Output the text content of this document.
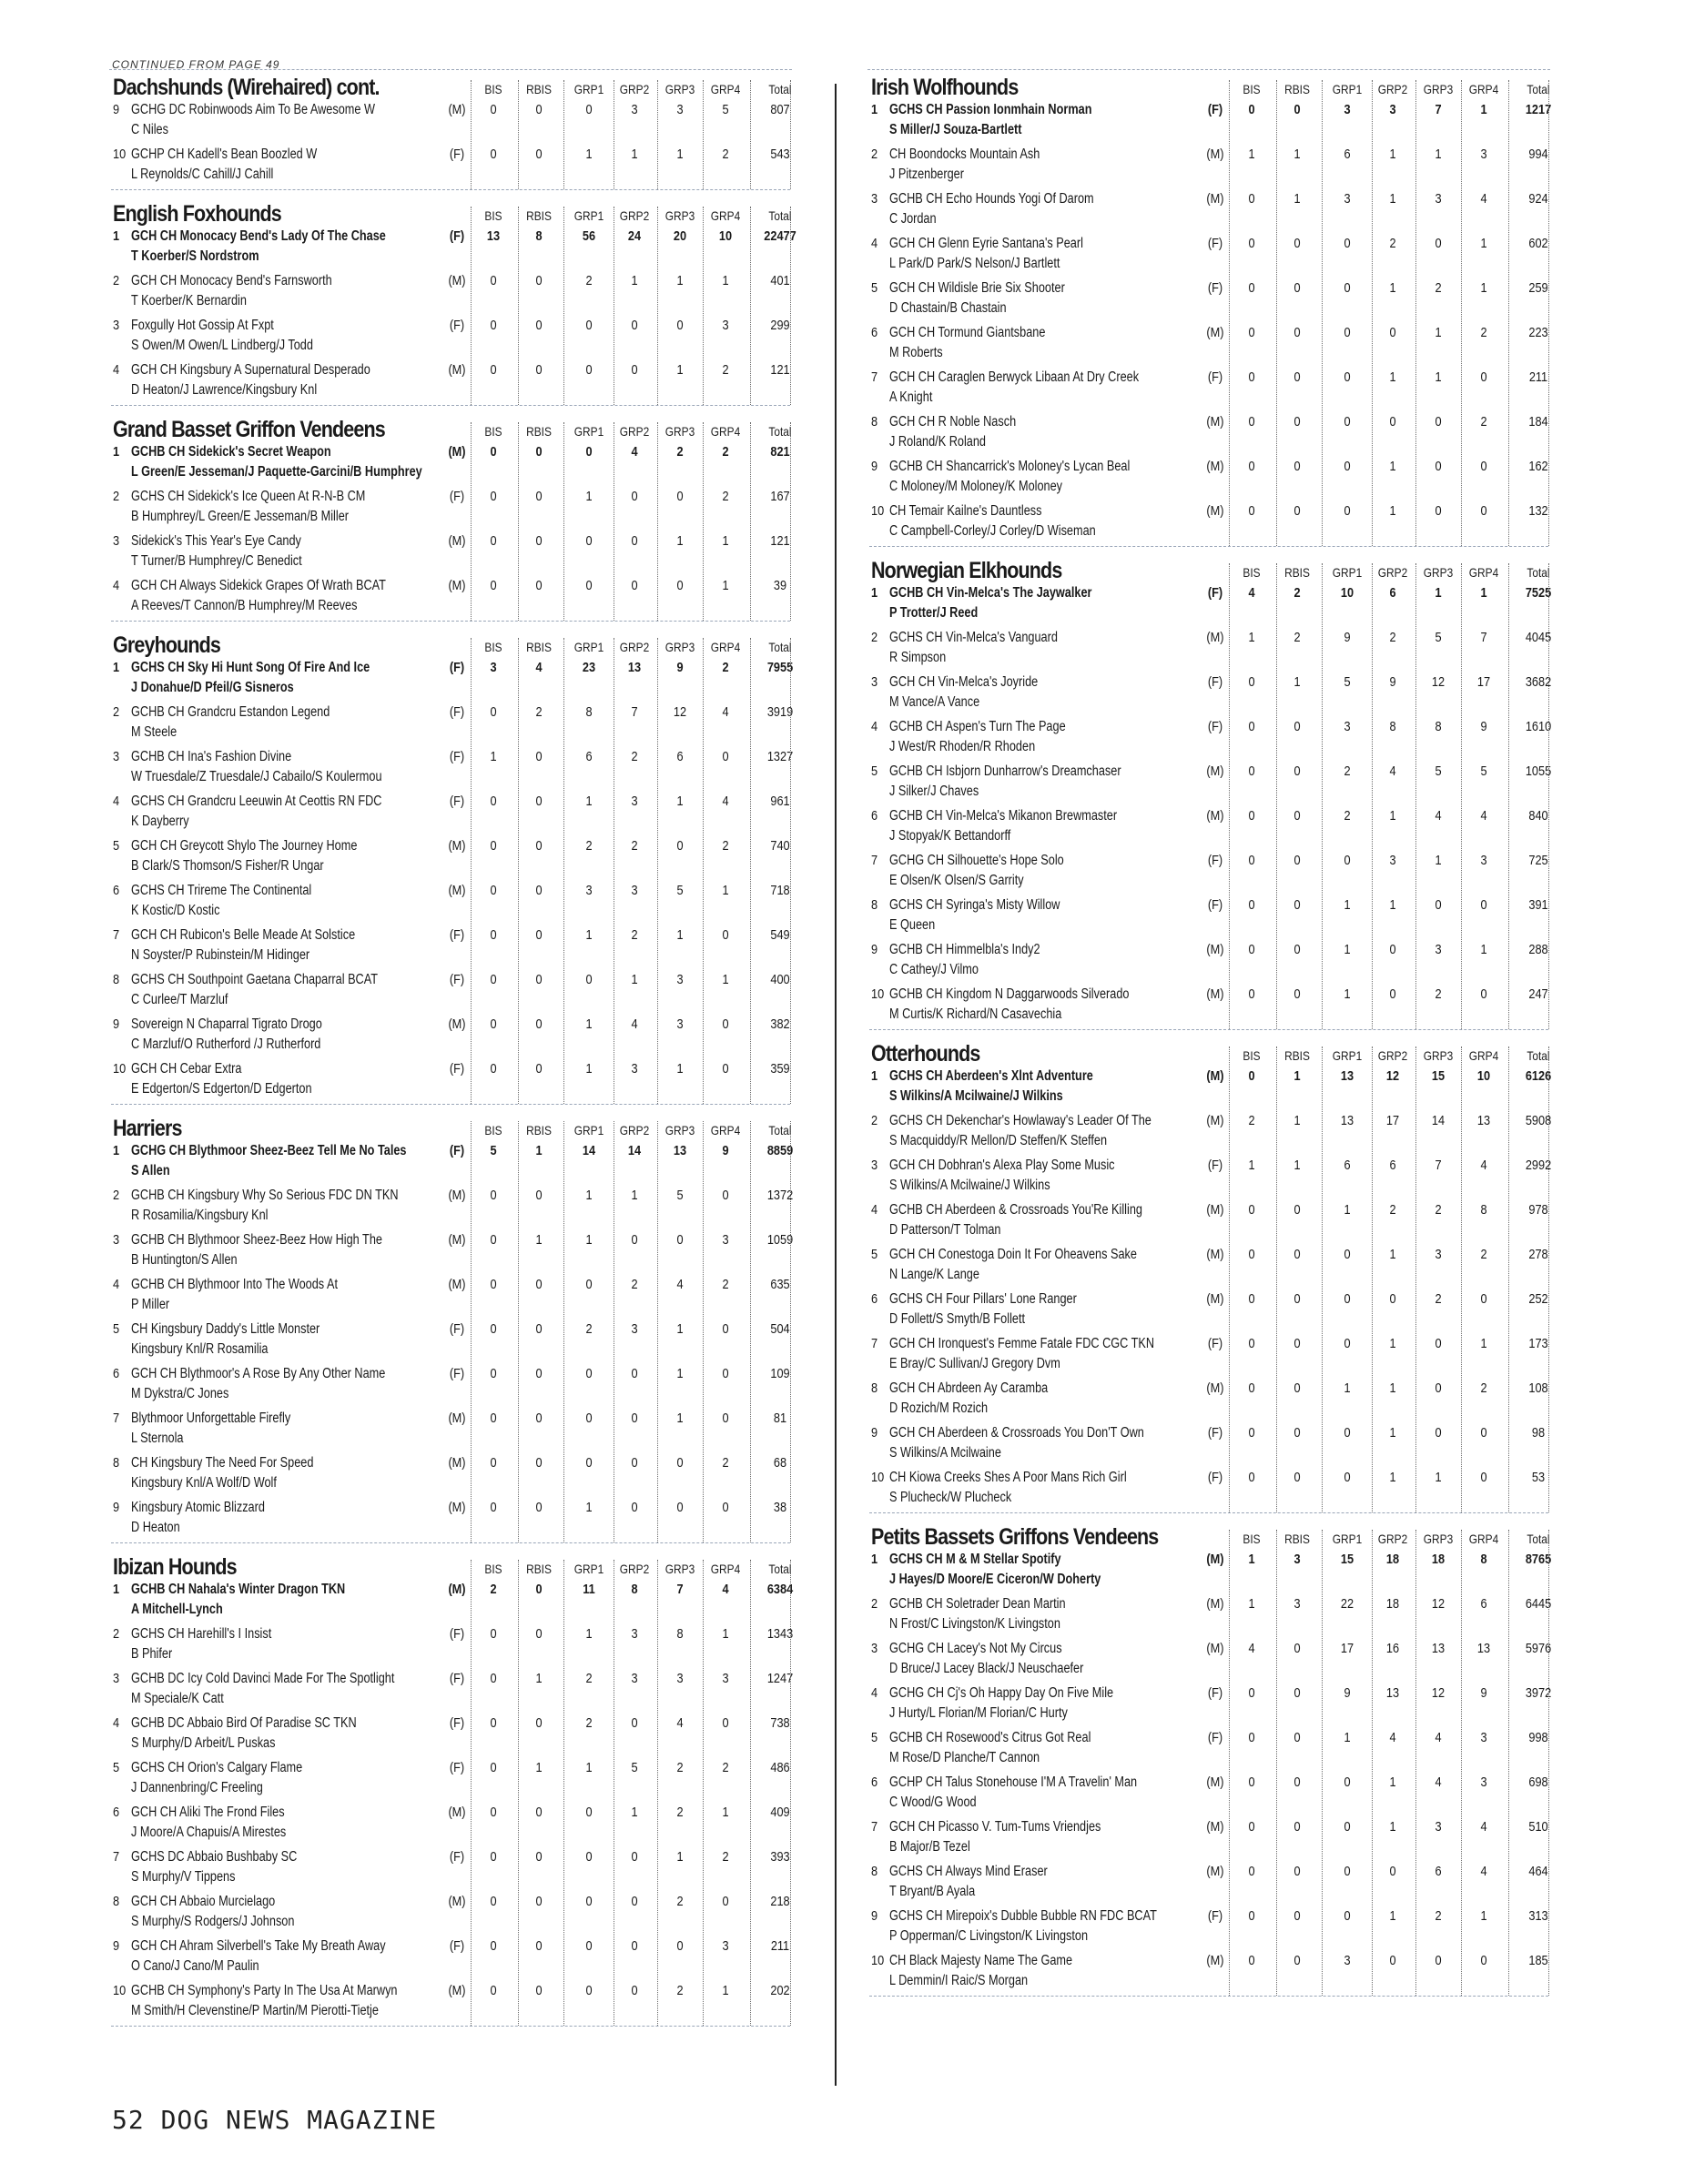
CONTINUED FROM PAGE 49
Dachshunds (Wirehaired) cont.	BIS	RBIS	GRP1	GRP2	GRP3	GRP4	Total
9 GCHG DC Robinwoods Aim To Be Awesome W
C Niles
(M)	0	0	0	3	3	5	807
10 GCHP CH Kadell's Bean Boozled W
L Reynolds/C Cahill/J Cahill
(F)	0	0	1	1	1	2	543
English Foxhounds	BIS	RBIS	GRP1	GRP2	GRP3	GRP4	Total
1 GCH CH Monocacy Bend's Lady Of The Chase
T Koerber/S Nordstrom
(F)	13	8	56	24	20	10	22477
2 GCH CH Monocacy Bend's Farnsworth
T Koerber/K Bernardin
(M)	0	0	2	1	1	1	401
3 Foxgully Hot Gossip At Fxpt
S Owen/M Owen/L Lindberg/J Todd
(F)	0	0	0	0	0	3	299
4 GCH CH Kingsbury A Supernatural Desperado
D Heaton/J Lawrence/Kingsbury Knl
(M)	0	0	0	0	1	2	121
Grand Basset Griffon Vendeens	BIS	RBIS	GRP1	GRP2	GRP3	GRP4	Total
1 GCHB CH Sidekick's Secret Weapon
L Green/E Jesseman/J Paquette-Garcini/B Humphrey
(M)	0	0	0	4	2	2	821
2 GCHS CH Sidekick's Ice Queen At R-N-B CM
B Humphrey/L Green/E Jesseman/B Miller
(F)	0	0	1	0	0	2	167
3 Sidekick's This Year's Eye Candy
T Turner/B Humphrey/C Benedict
(M)	0	0	0	0	1	1	121
4 GCH CH Always Sidekick Grapes Of Wrath BCAT
A Reeves/T Cannon/B Humphrey/M Reeves
(M)	0	0	0	0	0	1	39
Greyhounds	BIS	RBIS	GRP1	GRP2	GRP3	GRP4	Total
1 GCHS CH Sky Hi Hunt Song Of Fire And Ice
J Donahue/D Pfeil/G Sisneros
(F)	3	4	23	13	9	2	7955
2 GCHB CH Grandcru Estandon Legend
M Steele
(F)	0	2	8	7	12	4	3919
3 GCHB CH Ina's Fashion Divine
W Truesdale/Z Truesdale/J Cabailo/S Koulermou
(F)	1	0	6	2	6	0	1327
4 GCHS CH Grandcru Leeuwin At Ceottis RN FDC
K Dayberry
(F)	0	0	1	3	1	4	961
5 GCH CH Greycott Shylo The Journey Home
B Clark/S Thomson/S Fisher/R Ungar
(M)	0	0	2	2	0	2	740
6 GCHS CH Trireme The Continental
K Kostic/D Kostic
(M)	0	0	3	3	5	1	718
7 GCH CH Rubicon's Belle Meade At Solstice
N Soyster/P Rubinstein/M Hidinger
(F)	0	0	1	2	1	0	549
8 GCHS CH Southpoint Gaetana Chaparral BCAT
C Curlee/T Marzluf
(F)	0	0	0	1	3	1	400
9 Sovereign N Chaparral Tigrato Drogo
C Marzluf/O Rutherford /J Rutherford
(M)	0	0	1	4	3	0	382
10 GCH CH Cebar Extra
E Edgerton/S Edgerton/D Edgerton
(F)	0	0	1	3	1	0	359
Harriers	BIS	RBIS	GRP1	GRP2	GRP3	GRP4	Total
1 GCHG CH Blythmoor Sheez-Beez Tell Me No Tales
S Allen
(F)	5	1	14	14	13	9	8859
2 GCHB CH Kingsbury Why So Serious FDC DN TKN
R Rosamilia/Kingsbury Knl
(M)	0	0	1	1	5	0	1372
3 GCHB CH Blythmoor Sheez-Beez How High The
B Huntington/S Allen
(M)	0	1	1	0	0	3	1059
4 GCHB CH Blythmoor Into The Woods At
P Miller
(M)	0	0	0	2	4	2	635
5 CH Kingsbury Daddy's Little Monster
Kingsbury Knl/R Rosamilia
(F)	0	0	2	3	1	0	504
6 GCH CH Blythmoor's A Rose By Any Other Name
M Dykstra/C Jones
(F)	0	0	0	0	1	0	109
7 Blythmoor Unforgettable Firefly
L Sternola
(M)	0	0	0	0	1	0	81
8 CH Kingsbury The Need For Speed
Kingsbury Knl/A Wolf/D Wolf
(M)	0	0	0	0	0	2	68
9 Kingsbury Atomic Blizzard
D Heaton
(M)	0	0	1	0	0	0	38
Ibizan Hounds	BIS	RBIS	GRP1	GRP2	GRP3	GRP4	Total
1 GCHB CH Nahala's Winter Dragon TKN
A Mitchell-Lynch
(M)	2	0	11	8	7	4	6384
2 GCHS CH Harehill's I Insist
B Phifer
(F)	0	0	1	3	8	1	1343
3 GCHB DC Icy Cold Davinci Made For The Spotlight
M Speciale/K Catt
(F)	0	1	2	3	3	3	1247
4 GCHB DC Abbaio Bird Of Paradise SC TKN
S Murphy/D Arbeit/L Puskas
(F)	0	0	2	0	4	0	738
5 GCHS CH Orion's Calgary Flame
J Dannenbring/C Freeling
(F)	0	1	1	5	2	2	486
6 GCH CH Aliki The Frond Files
J Moore/A Chapuis/A Mirestes
(M)	0	0	0	1	2	1	409
7 GCHS DC Abbaio Bushbaby SC
S Murphy/V Tippens
(F)	0	0	0	0	1	2	393
8 GCH CH Abbaio Murcielago
S Murphy/S Rodgers/J Johnson
(M)	0	0	0	0	2	0	218
9 GCH CH Ahram Silverbell's Take My Breath Away
O Cano/J Cano/M Paulin
(F)	0	0	0	0	0	3	211
10 GCHB CH Symphony's Party In The Usa At Marwyn
M Smith/H Clevenstine/P Martin/M Pierotti-Tietje
(M)	0	0	0	0	2	1	202
Irish Wolfhounds	BIS	RBIS	GRP1	GRP2	GRP3	GRP4	Total
1 GCHS CH Passion Ionmhain Norman
S Miller/J Souza-Bartlett
(F)	0	0	3	3	7	1	1217
2 CH Boondocks Mountain Ash
J Pitzenberger
(M)	1	1	6	1	1	3	994
3 GCHB CH Echo Hounds Yogi Of Darom
C Jordan
(M)	0	1	3	1	3	4	924
4 GCH CH Glenn Eyrie Santana's Pearl
L Park/D Park/S Nelson/J Bartlett
(F)	0	0	0	2	0	1	602
5 GCH CH Wildisle Brie Six Shooter
D Chastain/B Chastain
(F)	0	0	0	1	2	1	259
6 GCH CH Tormund Giantsbane
M Roberts
(M)	0	0	0	0	1	2	223
7 GCH CH Caraglen Berwyck Libaan At Dry Creek
A Knight
(F)	0	0	0	1	1	0	211
8 GCH CH R Noble Nasch
J Roland/K Roland
(M)	0	0	0	0	0	2	184
9 GCHB CH Shancarrick's Moloney's Lycan Beal
C Moloney/M Moloney/K Moloney
(M)	0	0	0	1	0	0	162
10 CH Temair Kailne's Dauntless
C Campbell-Corley/J Corley/D Wiseman
(M)	0	0	0	1	0	0	132
Norwegian Elkhounds	BIS	RBIS	GRP1	GRP2	GRP3	GRP4	Total
1 GCHB CH Vin-Melca's The Jaywalker
P Trotter/J Reed
(F)	4	2	10	6	1	1	7525
2 GCHS CH Vin-Melca's Vanguard
R Simpson
(M)	1	2	9	2	5	7	4045
3 GCH CH Vin-Melca's Joyride
M Vance/A Vance
(F)	0	1	5	9	12	17	3682
4 GCHB CH Aspen's Turn The Page
J West/R Rhoden/R Rhoden
(F)	0	0	3	8	8	9	1610
5 GCHB CH Isbjorn Dunharrow's Dreamchaser
J Silker/J Chaves
(M)	0	0	2	4	5	5	1055
6 GCHB CH Vin-Melca's Mikanon Brewmaster
J Stopyak/K Bettandorff
(M)	0	0	2	1	4	4	840
7 GCHG CH Silhouette's Hope Solo
E Olsen/K Olsen/S Garrity
(F)	0	0	0	3	1	3	725
8 GCHS CH Syringa's Misty Willow
E Queen
(F)	0	0	1	1	0	0	391
9 GCHB CH Himmelbla's Indy2
C Cathey/J Vilmo
(M)	0	0	1	0	3	1	288
10 GCHB CH Kingdom N Daggarwoods Silverado
M Curtis/K Richard/N Casavechia
(M)	0	0	1	0	2	0	247
Otterhounds	BIS	RBIS	GRP1	GRP2	GRP3	GRP4	Total
1 GCHS CH Aberdeen's Xlnt Adventure
S Wilkins/A Mcilwaine/J Wilkins
(M)	0	1	13	12	15	10	6126
2 GCHS CH Dekenchar's Howlaway's Leader Of The
S Macquiddy/R Mellon/D Steffen/K Steffen
(M)	2	1	13	17	14	13	5908
3 GCH CH Dobhran's Alexa Play Some Music
S Wilkins/A Mcilwaine/J Wilkins
(F)	1	1	6	6	7	4	2992
4 GCHB CH Aberdeen & Crossroads You'Re Killing
D Patterson/T Tolman
(M)	0	0	1	2	2	8	978
5 GCH CH Conestoga Doin It For Oheavens Sake
N Lange/K Lange
(M)	0	0	0	1	3	2	278
6 GCHS CH Four Pillars' Lone Ranger
D Follett/S Smyth/B Follett
(M)	0	0	0	0	2	0	252
7 GCH CH Ironquest's Femme Fatale FDC CGC TKN
E Bray/C Sullivan/J Gregory Dvm
(F)	0	0	0	1	0	1	173
8 GCH CH Abrdeen Ay Caramba
D Rozich/M Rozich
(M)	0	0	1	1	0	2	108
9 GCH CH Aberdeen & Crossroads You Don'T Own
S Wilkins/A Mcilwaine
(F)	0	0	0	1	0	0	98
10 CH Kiowa Creeks Shes A Poor Mans Rich Girl
S Plucheck/W Plucheck
(F)	0	0	0	1	1	0	53
Petits Bassets Griffons Vendeens	BIS	RBIS	GRP1	GRP2	GRP3	GRP4	Total
1 GCHS CH M & M Stellar Spotify
J Hayes/D Moore/E Ciceron/W Doherty
(M)	1	3	15	18	18	8	8765
2 GCHB CH Soletrader Dean Martin
N Frost/C Livingston/K Livingston
(M)	1	3	22	18	12	6	6445
3 GCHG CH Lacey's Not My Circus
D Bruce/J Lacey Black/J Neuschaefer
(M)	4	0	17	16	13	13	5976
4 GCHG CH Cj's Oh Happy Day On Five Mile
J Hurty/L Florian/M Florian/C Hurty
(F)	0	0	9	13	12	9	3972
5 GCHB CH Rosewood's Citrus Got Real
M Rose/D Planche/T Cannon
(F)	0	0	1	4	4	3	998
6 GCHP CH Talus Stonehouse I'M A Travelin' Man
C Wood/G Wood
(M)	0	0	0	1	4	3	698
7 GCH CH Picasso V. Tum-Tums Vriendjes
B Major/B Tezel
(M)	0	0	0	1	3	4	510
8 GCHS CH Always Mind Eraser
T Bryant/B Ayala
(M)	0	0	0	0	6	4	464
9 GCHS CH Mirepoix's Dubble Bubble RN FDC BCAT
P Opperman/C Livingston/K Livingston
(F)	0	0	0	1	2	1	313
10 CH Black Majesty Name The Game
L Demmin/I Raic/S Morgan
(M)	0	0	3	0	0	0	185
52 DOG NEWS MAGAZINE
